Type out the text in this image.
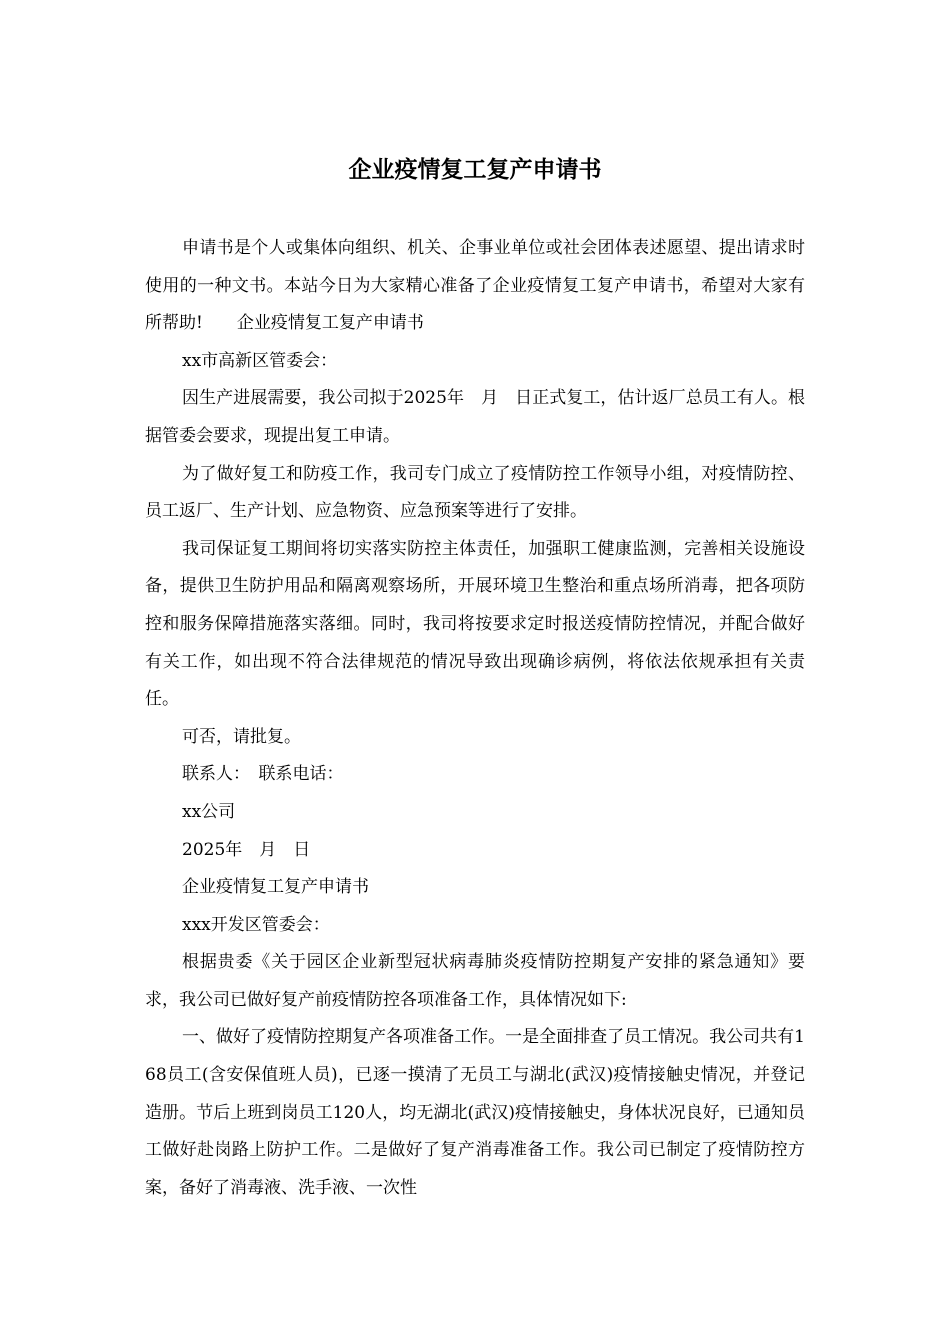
企业疫情复工复产申请书

申请书是个人或集体向组织、机关、企事业单位或社会团体表述愿望、提出请求时使用的一种文书。本站今日为大家精心准备了企业疫情复工复产申请书，希望对大家有所帮助!　　企业疫情复工复产申请书

xx市高新区管委会：

因生产进展需要，我公司拟于2025年　月　日正式复工，估计返厂总员工有人。根据管委会要求，现提出复工申请。

为了做好复工和防疫工作，我司专门成立了疫情防控工作领导小组，对疫情防控、员工返厂、生产计划、应急物资、应急预案等进行了安排。

我司保证复工期间将切实落实防控主体责任，加强职工健康监测，完善相关设施设备，提供卫生防护用品和隔离观察场所，开展环境卫生整治和重点场所消毒，把各项防控和服务保障措施落实落细。同时，我司将按要求定时报送疫情防控情况，并配合做好有关工作，如出现不符合法律规范的情况导致出现确诊病例，将依法依规承担有关责任。

可否，请批复。

联系人：　联系电话：

xx公司

2025年　月　日

企业疫情复工复产申请书

xxx开发区管委会：

根据贵委《关于园区企业新型冠状病毒肺炎疫情防控期复产安排的紧急通知》要求，我公司已做好复产前疫情防控各项准备工作，具体情况如下:

一、做好了疫情防控期复产各项准备工作。一是全面排查了员工情况。我公司共有168员工(含安保值班人员)，已逐一摸清了无员工与湖北(武汉)疫情接触史情况，并登记造册。节后上班到岗员工120人，均无湖北(武汉)疫情接触史，身体状况良好，已通知员工做好赴岗路上防护工作。二是做好了复产消毒准备工作。我公司已制定了疫情防控方案，备好了消毒液、洗手液、一次性
